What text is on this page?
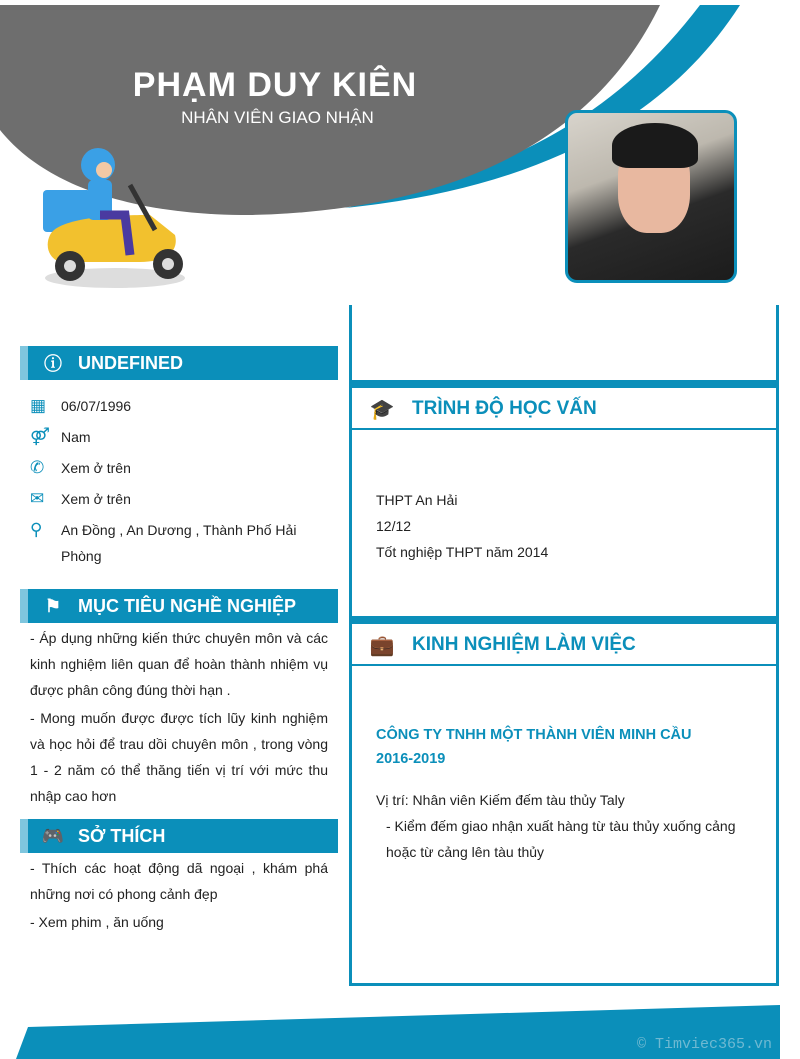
PHẠM DUY KIÊN
NHÂN VIÊN GIAO NHẬN
ⓘ UNDEFINED
▦	06/07/1996
⚤ Nam
✆	Xem ở trên
✉	Xem ở trên
⚲	An Đồng , An Dương , Thành Phố Hải Phòng
⚑ MỤC TIÊU NGHỀ NGHIỆP
- Áp dụng những kiến thức chuyên môn và các kinh nghiệm liên quan để hoàn thành nhiệm vụ được phân công đúng thời hạn .
- Mong muốn được được tích lũy kinh nghiệm và học hỏi để trau dồi chuyên môn , trong vòng 1 - 2 năm có thể thăng tiến vị trí với mức thu nhập cao hơn
🎮 SỞ THÍCH
- Thích các hoạt động dã ngoại , khám phá những nơi có phong cảnh đẹp
- Xem phim , ăn uống
🎓 TRÌNH ĐỘ HỌC VẤN
THPT An Hải
12/12
Tốt nghiệp THPT năm 2014
💼 KINH NGHIỆM LÀM VIỆC
CÔNG TY TNHH MỘT THÀNH VIÊN MINH CẦU
2016-2019
Vị trí: Nhân viên Kiếm đếm tàu thủy Taly
- Kiểm đếm giao nhận xuất hàng từ tàu thủy xuống cảng hoặc từ cảng lên tàu thủy
© Timviec365.vn
